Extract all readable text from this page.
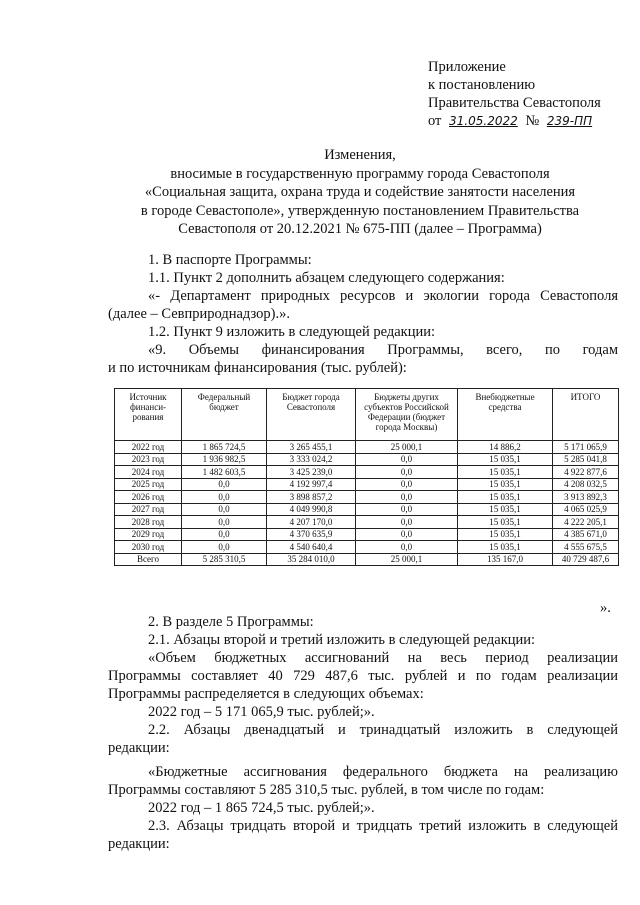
Приложение
к постановлению
Правительства Севастополя
от 31.05.2022 № 239-ПП
Изменения,
вносимые в государственную программу города Севастополя
«Социальная защита, охрана труда и содействие занятости населения
в городе Севастополе», утвержденную постановлением Правительства
Севастополя от 20.12.2021 № 675-ПП (далее – Программа)
1. В паспорте Программы:
1.1. Пункт 2 дополнить абзацем следующего содержания:
«- Департамент природных ресурсов и экологии города Севастополя
(далее – Севприроднадзор).».
1.2. Пункт 9 изложить в следующей редакции:
«9. Объемы финансирования Программы, всего, по годам
и по источникам финансирования (тыс. рублей):
Источник финанси-рования	Федеральный бюджет	Бюджет города Севастополя	Бюджеты других субъектов Российской Федерации (бюджет города Москвы)	Внебюджетные средства	ИТОГО
2022 год	1 865 724,5	3 265 455,1	25 000,1	14 886,2	5 171 065,9
2023 год	1 936 982,5	3 333 024,2	0,0	15 035,1	5 285 041,8
2024 год	1 482 603,5	3 425 239,0	0,0	15 035,1	4 922 877,6
2025 год	0,0	4 192 997,4	0,0	15 035,1	4 208 032,5
2026 год	0,0	3 898 857,2	0,0	15 035,1	3 913 892,3
2027 год	0,0	4 049 990,8	0,0	15 035,1	4 065 025,9
2028 год	0,0	4 207 170,0	0,0	15 035,1	4 222 205,1
2029 год	0,0	4 370 635,9	0,0	15 035,1	4 385 671,0
2030 год	0,0	4 540 640,4	0,0	15 035,1	4 555 675,5
Всего	5 285 310,5	35 284 010,0	25 000,1	135 167,0	40 729 487,6
».
2. В разделе 5 Программы:
2.1. Абзацы второй и третий изложить в следующей редакции:
«Объем бюджетных ассигнований на весь период реализации
Программы составляет 40 729 487,6 тыс. рублей и по годам реализации
Программы распределяется в следующих объемах:
2022 год – 5 171 065,9 тыс. рублей;».
2.2. Абзацы двенадцатый и тринадцатый изложить в следующей
редакции:
«Бюджетные ассигнования федерального бюджета на реализацию
Программы составляют 5 285 310,5 тыс. рублей, в том числе по годам:
2022 год – 1 865 724,5 тыс. рублей;».
2.3. Абзацы тридцать второй и тридцать третий изложить в следующей
редакции:
